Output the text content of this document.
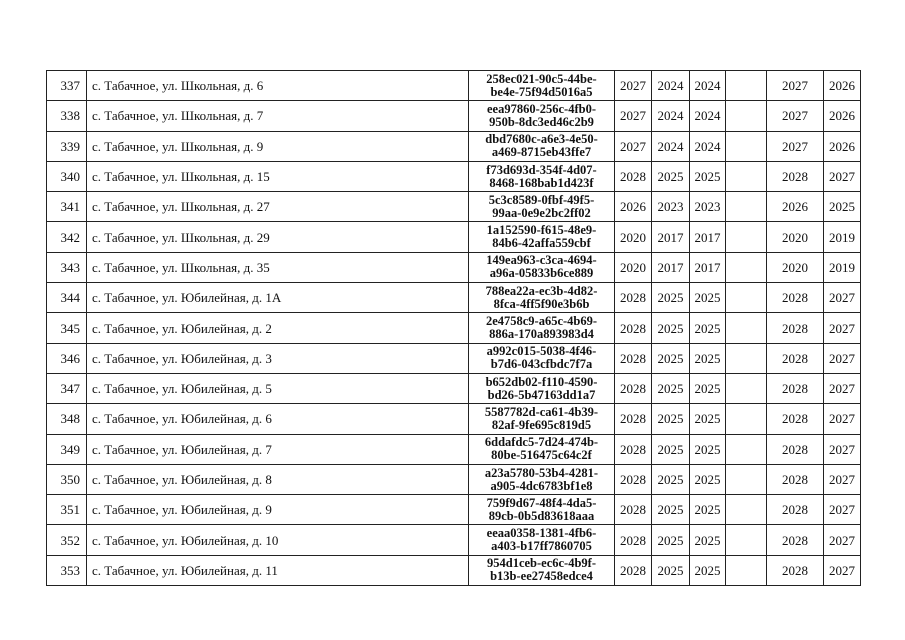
337	с. Табачное, ул. Школьная, д. 6	258ec021-90c5-44be-
be4e-75f94d5016a5	2027	2024	2024		2027	2026
338	с. Табачное, ул. Школьная, д. 7	eea97860-256c-4fb0-
950b-8dc3ed46c2b9	2027	2024	2024		2027	2026
339	с. Табачное, ул. Школьная, д. 9	dbd7680c-a6e3-4e50-
a469-8715eb43ffe7	2027	2024	2024		2027	2026
340	с. Табачное, ул. Школьная, д. 15	f73d693d-354f-4d07-
8468-168bab1d423f	2028	2025	2025		2028	2027
341	с. Табачное, ул. Школьная, д. 27	5c3c8589-0fbf-49f5-
99aa-0e9e2bc2ff02	2026	2023	2023		2026	2025
342	с. Табачное, ул. Школьная, д. 29	1a152590-f615-48e9-
84b6-42affa559cbf	2020	2017	2017		2020	2019
343	с. Табачное, ул. Школьная, д. 35	149ea963-c3ca-4694-
a96a-05833b6ce889	2020	2017	2017		2020	2019
344	с. Табачное, ул. Юбилейная, д. 1А	788ea22a-ec3b-4d82-
8fca-4ff5f90e3b6b	2028	2025	2025		2028	2027
345	с. Табачное, ул. Юбилейная, д. 2	2e4758c9-a65c-4b69-
886a-170a893983d4	2028	2025	2025		2028	2027
346	с. Табачное, ул. Юбилейная, д. 3	a992c015-5038-4f46-
b7d6-043cfbdc7f7a	2028	2025	2025		2028	2027
347	с. Табачное, ул. Юбилейная, д. 5	b652db02-f110-4590-
bd26-5b47163dd1a7	2028	2025	2025		2028	2027
348	с. Табачное, ул. Юбилейная, д. 6	5587782d-ca61-4b39-
82af-9fe695c819d5	2028	2025	2025		2028	2027
349	с. Табачное, ул. Юбилейная, д. 7	6ddafdc5-7d24-474b-
80be-516475c64c2f	2028	2025	2025		2028	2027
350	с. Табачное, ул. Юбилейная, д. 8	a23a5780-53b4-4281-
a905-4dc6783bf1e8	2028	2025	2025		2028	2027
351	с. Табачное, ул. Юбилейная, д. 9	759f9d67-48f4-4da5-
89cb-0b5d83618aaa	2028	2025	2025		2028	2027
352	с. Табачное, ул. Юбилейная, д. 10	eeaa0358-1381-4fb6-
a403-b17ff7860705	2028	2025	2025		2028	2027
353	с. Табачное, ул. Юбилейная, д. 11	954d1ceb-ec6c-4b9f-
b13b-ee27458edce4	2028	2025	2025		2028	2027
